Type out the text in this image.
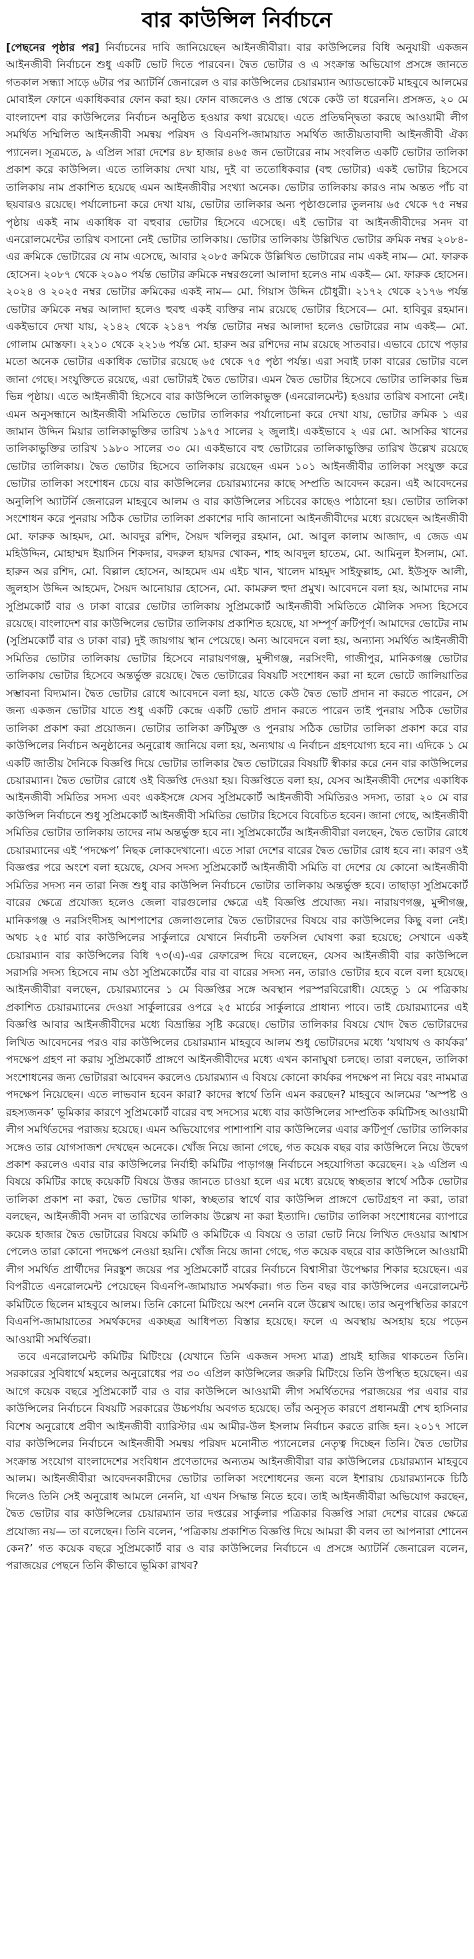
বার কাউন্সিল নির্বাচনে

[পেছনের পৃষ্ঠার পর] নির্বাচনের দাবি জানিয়েছেন আইনজীবীরা। বার কাউন্সিলের বিধি অনুযায়ী একজন আইনজীবী নির্বাচনে শুধু একটি ভোট দিতে পারবেন। দ্বৈত ভোটার ও এ সংক্রান্ত অভিযোগ প্রসঙ্গে জানতে গতকাল সন্ধ্যা সাড়ে ৬টার পর অ্যাটর্নি জেনারেল ও বার কাউন্সিলের চেয়ারম্যান অ্যাডভোকেট মাহবুবে আলমের মোবাইল ফোনে একাধিকবার ফোন করা হয়। ফোন বাজলেও ও প্রান্ত থেকে কেউ তা ধরেননি। প্রসঙ্গত, ২০ মে বাংলাদেশ বার কাউন্সিলের নির্বাচন অনুষ্ঠিত হওয়ার কথা রয়েছে। এতে প্রতিদ্বন্দ্বিতা করছে আওয়ামী লীগ সমর্থিত সম্মিলিত আইনজীবী সমন্বয় পরিষদ ও বিএনপি-জামায়াত সমর্থিত জাতীয়তাবাদী আইনজীবী ঐক্য প্যানেল। সূত্রমতে, ৯ এপ্রিল সারা দেশের ৪৮ হাজার ৪৬৫ জন ভোটারের নাম সংবলিত একটি ভোটার তালিকা প্রকাশ করে কাউন্সিল। এতে তালিকায় দেখা যায়, দুই বা ততোধিকবার (বহু ভোটার) একই ভোটার হিসেবে তালিকায় নাম প্রকাশিত হয়েছে এমন আইনজীবীর সংখ্যা অনেক। ভোটার তালিকায় কারও নাম অন্তত পাঁচ বা ছয়বারও রয়েছে। পর্যালোচনা করে দেখা যায়, ভোটার তালিকার অন্য পৃষ্ঠাগুলোর তুলনায় ৬৫ থেকে ৭৫ নম্বর পৃষ্ঠায় একই নাম একাধিক বা বহুবার ভোটার হিসেবে এসেছে। এই ভোটার বা আইনজীবীদের সনদ বা এনরোলমেন্টের তারিখ বসানো নেই ভোটার তালিকায়। ভোটার তালিকায় উল্লিখিত ভোটার ক্রমিক নম্বর ২০৮৪-এর ক্রমিকে ভোটারের যে নাম এসেছে, আবার ২০৮৫ ক্রমিকে উল্লিখিত ভোটারের নাম একই নাম— মো. ফারুক হোসেন। ২০৮৭ থেকে ২০৯০ পর্যন্ত ভোটার ক্রমিকে নম্বরগুলো আলাদা হলেও নাম একই— মো. ফারুক হোসেন। ২০২৪ ও ২০২৫ নম্বর ভোটার ক্রমিকের একই নাম— মো. গিয়াস উদ্দিন চৌধুরী। ২১৭২ থেকে ২১৭৬ পর্যন্ত ভোটার ক্রমিকে নম্বর আলাদা হলেও হুবহু একই ব্যক্তির নাম রয়েছে ভোটার হিসেবে— মো. হাবিবুর রহমান। একইভাবে দেখা যায়, ২১৪২ থেকে ২১৪৭ পর্যন্ত ভোটার নম্বর আলাদা হলেও ভোটারের নাম একই— মো. গোলাম মোস্তফা। ২২১০ থেকে ২২১৬ পর্যন্ত মো. হারুন অর রশিদের নাম রয়েছে সাতবার। এভাবে চোখে পড়ার মতো অনেক ভোটার একাধিক ভোটার রয়েছে ৬৫ থেকে ৭৫ পৃষ্ঠা পর্যন্ত। এরা সবাই ঢাকা বারের ভোটার বলে জানা গেছে। সংযুক্তিতে রয়েছে, এরা ভোটারই দ্বৈত ভোটার। এমন দ্বৈত ভোটার হিসেবে ভোটার তালিকার ভিন্ন ভিন্ন পৃষ্ঠায়। এতে আইনজীবী হিসেবে বার কাউন্সিলে তালিকাভুক্ত (এনরোলমেন্ট) হওয়ার তারিখ বসানো নেই। এমন অনুসন্ধানে আইনজীবী সমিতিতে ভোটার তালিকার পর্যালোচনা করে দেখা যায়, ভোটার ক্রমিক ১ এর জামান উদ্দিন মিয়ার তালিকাভুক্তির তারিখ ১৯৭৫ সালের ২ জুলাই। একইভাবে ২ এর মো. আসকির খানের তালিকাভুক্তির তারিখ ১৯৮০ সালের ৩০ মে। একইভাবে বহু ভোটারের তালিকাভুক্তির তারিখ উল্লেখ রয়েছে ভোটার তালিকায়। দ্বৈত ভোটার হিসেবে তালিকায় রয়েছেন এমন ১০১ আইনজীবীর তালিকা সংযুক্ত করে ভোটার তালিকা সংশোধন চেয়ে বার কাউন্সিলের চেয়ারম্যানের কাছে সম্প্রতি আবেদন করেন। এই আবেদনের অনুলিপি অ্যাটর্নি জেনারেল মাহবুবে আলম ও বার কাউন্সিলের সচিবের কাছেও পাঠানো হয়। ভোটার তালিকা সংশোধন করে পুনরায় সঠিক ভোটার তালিকা প্রকাশের দাবি জানানো আইনজীবীদের মধ্যে রয়েছেন আইনজীবী মো. ফারুক আহমদ, মো. আবদুর রশিদ, সৈয়দ খলিলুর রহমান, মো. আবুল কালাম আজাদ, এ জেড এম মহিউদ্দিন, মোহাম্মদ ইয়াসিন শিকদার, বদরুল হায়দর খোকন, শাহ আবদুল হাতেম, মো. আমিনুল ইসলাম, মো. হারুন অর রশিদ, মো. বিল্লাল হোসেন, আহমেদ এম এইচ খান, খালেদ মাহমুদ সাইফুল্লাহ, মো. ইউসুফ আলী, জুলহাস উদ্দিন আহমেদ, সৈয়দ আনোয়ার হোসেন, মো. কামরুল হুদা প্রমুখ। আবেদনে বলা হয়, আমাদের নাম সুপ্রিমকোর্ট বার ও ঢাকা বারের ভোটার তালিকায় সুপ্রিমকোর্ট আইনজীবী সমিতিতে মৌলিক সদস্য হিসেবে রয়েছে। বাংলাদেশ বার কাউন্সিলের ভোটার তালিকায় প্রকাশিত হয়েছে, যা সম্পূর্ণ ক্রটিপূর্ণ। আমাদের ভোটের নাম (সুপ্রিমকোর্ট বার ও ঢাকা বার) দুই জায়গায় স্থান পেয়েছে। অন্য আবেদনে বলা হয়, অন্যান্য সমর্থিত আইনজীবী সমিতির ভোটার তালিকায় ভোটার হিসেবে নারায়ণগঞ্জ, মুন্সীগঞ্জ, নরসিংদী, গাজীপুর, মানিকগঞ্জ ভোটার তালিকায় ভোটার হিসেবে অন্তর্ভুক্ত রয়েছে। দ্বৈত ভোটারের বিষয়টি সংশোধন করা না হলে ভোটে জালিয়াতির সম্ভাবনা বিদ্যমান। দ্বৈত ভোটার রোধে আবেদনে বলা হয়, যাতে কেউ দ্বৈত ভোট প্রদান না করতে পারেন, সে জন্য একজন ভোটার যাতে শুধু একটি কেন্দ্রে একটি ভোট প্রদান করতে পারেন তাই পুনরায় সঠিক ভোটার তালিকা প্রকাশ করা প্রয়োজন। ভোটার তালিকা ক্রটিমুক্ত ও পুনরায় সঠিক ভোটার তালিকা প্রকাশ করে বার কাউন্সিলের নির্বাচন অনুষ্ঠানের অনুরোধ জানিয়ে বলা হয়, অন্যথায় এ নির্বাচন গ্রহণযোগ্য হবে না। এদিকে ১ মে একটি জাতীয় দৈনিকে বিজ্ঞপ্তি দিয়ে ভোটার তালিকার দ্বৈত ভোটারের বিষয়টি স্বীকার করে নেন বার কাউন্সিলের চেয়ারম্যান। দ্বৈত ভোটার রোধে ওই বিজ্ঞপ্তি দেওয়া হয়। বিজ্ঞপ্তিতে বলা হয়, যেসব আইনজীবী দেশের একাধিক আইনজীবী সমিতির সদস্য এবং একইসঙ্গে যেসব সুপ্রিমকোর্ট আইনজীবী সমিতিরও সদস্য, তারা ২০ মে বার কাউন্সিল নির্বাচনে শুধু সুপ্রিমকোর্ট আইনজীবী সমিতির ভোটার হিসেবে বিবেচিত হবেন। জানা গেছে, আইনজীবী সমিতির ভোটার তালিকায় তাদের নাম অন্তর্ভুক্ত হবে না। সুপ্রিমকোর্টের আইনজীবীরা বলছেন, দ্বৈত ভোটার রোধে চেয়ারম্যানের এই ‘পদক্ষেপ’ নিছক লোকদেখানো। এতে সারা দেশের বারের দ্বৈত ভোটার রোধ হবে না। কারণ ওই বিজ্ঞপ্তর পরে অংশে বলা হয়েছে, যেসব সদস্য সুপ্রিমকোর্ট আইনজীবী সমিতি বা দেশের যে কোনো আইনজীবী সমিতির সদস্য নন তারা নিজ শুধু বার কাউন্সিল নির্বাচনে ভোটার তালিকায় অন্তর্ভুক্ত হবে। তাছাড়া সুপ্রিমকোর্ট বারের ক্ষেত্রে প্রযোজ্য হলেও জেলা বারগুলোর ক্ষেত্রে এই বিজ্ঞপ্তি প্রযোজ্য নয়। নারায়ণগঞ্জ, মুন্সীগঞ্জ, মানিকগঞ্জ ও নরসিংদীসহ আশপাশের জেলাগুলোর দ্বৈত ভোটারদের বিষয়ে বার কাউন্সিলের কিছু বলা নেই। অথচ ২৫ মার্চ বার কাউন্সিলের সার্কুলারে যেখানে নির্বাচনী তফসিল ঘোষণা করা হয়েছে; সেখানে একই চেয়ারম্যান বার কাউন্সিলের বিধি ৭৩(এ)-এর রেফারেন্স দিয়ে বলেছেন, যেসব আইনজীবী বার কাউন্সিলে সরাসরি সদস্য হিসেবে নাম ওঠা সুপ্রিমকোর্টের বার বা বারের সদস্য নন, তারাও ভোটার হবে বলে বলা হয়েছে। আইনজীবীরা বলছেন, চেয়ারম্যানের ১ মে বিজ্ঞপ্তির সঙ্গে অবস্থান পরস্পরবিরোধী। যেহেতু ১ মে পত্রিকায় প্রকাশিত চেয়ারম্যানের দেওয়া সার্কুলারের ওপরে ২৫ মার্চের সার্কুলারে প্রাধান্য পাবে। তাই চেয়ারম্যানের এই বিজ্ঞপ্তি আবার আইনজীবীদের মধ্যে বিভ্রান্তির সৃষ্টি করেছে। ভোটার তালিকার বিষয়ে খোদ দ্বৈত ভোটারদের লিখিত আবেদনের পরও বার কাউন্সিলের চেয়ারম্যান মাহবুবে আলম শুধু ভোটারদের মধ্যে ‘যথাযথ ও কার্যকর’ পদক্ষেপ গ্রহণ না করায় সুপ্রিমকোর্ট প্রাঙ্গণে আইনজীবীদের মধ্যে এখন কানাঘুষা চলছে। তারা বলছেন, তালিকা সংশোধনের জন্য ভোটাররা আবেদন করলেও চেয়ারম্যান এ বিষয়ে কোনো কার্যকর পদক্ষেপ না নিয়ে বরং নামমাত্র পদক্ষেপ নিয়েছেন। এতে লাভবান হবেন কারা? কাদের স্বার্থে তিনি এমন করছেন? মাহবুবে আলমের ‘অস্পষ্ট ও রহস্যজনক’ ভূমিকার কারণে সুপ্রিমকোর্ট বারের বহু সদস্যের মধ্যে বার কাউন্সিলের সাম্প্রতিক কমিটিসহ আওয়ামী লীগ সমর্থিতদের পরাজয় হয়েছে। এমন অভিযোগের পাশাপাশি বার কাউন্সিলের এবার ক্রটিপূর্ণ ভোটার তালিকার সঙ্গেও তার যোগসাজশ দেখছেন অনেকে। খোঁজ নিয়ে জানা গেছে, গত কয়েক বছর বার কাউন্সিলে নিয়ে উদ্বেগ প্রকাশ করলেও এবার বার কাউন্সিলের নির্বাহী কমিটির পাড়াগঞ্জ নির্বাচনে সহযোগিতা করেছেন। ২৯ এপ্রিল এ বিষয়ে কমিটির কাছে কয়েকটি বিষয়ে উত্তর জানতে চাওয়া হলে এর মধ্যে রয়েছে স্বচ্ছতার স্বার্থে সঠিক ভোটার তালিকা প্রকাশ না করা, দ্বৈত ভোটার থাকা, স্বচ্ছতার স্বার্থে বার কাউন্সিল প্রাঙ্গণে ভোটগ্রহণ না করা, তারা বলছেন, আইনজীবী সনদ বা তারিখের তালিকায় উল্লেখ না করা ইত্যাদি। ভোটার তালিকা সংশোধনের ব্যাপারে কয়েক হাজার দ্বৈত ভোটারের বিষয়ে কমিটি ও কমিটিকে এ বিষয়ে ও তারা ভোট নিয়ে লিখিত দেওয়ার আশ্বাস পেলেও তারা কোনো পদক্ষেপ নেওয়া হয়নি। খোঁজ নিয়ে জানা গেছে, গত কয়েক বছরে বার কাউন্সিলে আওয়ামী লীগ সমর্থিত প্রার্থীদের নিরঙ্কুশ জয়ের পর সুপ্রিমকোর্ট বারের নির্বাচনে বিশ্বাসীরা উপেক্ষার শিকার হয়েছেন। এর বিপরীতে এনরোলমেন্ট পেয়েছেন বিএনপি-জামায়াত সমর্থকরা। গত তিন বছর বার কাউন্সিলের এনরোলমেন্ট কমিটিতে ছিলেন মাহবুবে আলম। তিনি কোনো মিটিংয়ে অংশ নেননি বলে উল্লেখ আছে। তার অনুপস্থিতির কারণে বিএনপি-জামায়াতের সমর্থকদের একচ্ছত্র আধিপত্য বিস্তার হয়েছে। ফলে এ অবস্থায় অসহায় হয়ে পড়েন আওয়ামী সমর্থিতরা।

তবে এনরোলমেন্ট কমিটির মিটিংয়ে (যেখানে তিনি একজন সদস্য মাত্র) প্রায়ই হাজির থাকতেন তিনি। সরকারের সুবিধার্থে মহলের অনুরোধের পর ৩০ এপ্রিল কাউন্সিলের জরুরি মিটিংয়ে তিনি উপস্থিত হয়েছেন। এর আগে কয়েক বছরে সুপ্রিমকোর্ট বার ও বার কাউন্সিলে আওয়ামী লীগ সমর্থিতদের পরাজয়ের পর এবার বার কাউন্সিলের নির্বাচনে বিষয়টি সরকারের উচ্চপর্যায় অবগত হয়েছে। তাঁর অনুসৃত কারণে প্রধানমন্ত্রী শেখ হাসিনার বিশেষ অনুরোধে প্রবীণ আইনজীবী ব্যারিস্টার এম আমীর-উল ইসলাম নির্বাচন করতে রাজি হন। ২০১৭ সালে বার কাউন্সিলের নির্বাচনে আইনজীবী সমন্বয় পরিষদ মনোনীত প্যানেলের নেতৃত্ব দিচ্ছেন তিনি। দ্বৈত ভোটার সংক্রান্ত সংযোগ বাংলাদেশের সংবিধান প্রণেতাদের অন্যতম আইনজীবীরা বার কাউন্সিলের চেয়ারম্যান মাহবুবে আলম। আইনজীবীরা আবেদনকারীদের ভোটার তালিকা সংশোধনের জন্য বলে ইশারায় চেয়ারম্যানকে চিঠি দিলেও তিনি সেই অনুরোধ আমলে নেননি, যা এখন সিদ্ধান্ত নিতে হবে। তাই আইনজীবীরা অভিযোগ করছেন, দ্বৈত ভোটার বার কাউন্সিলের চেয়ারম্যান তার দপ্তরের সার্কুলার পত্রিকার বিজ্ঞপ্তি সারা দেশের বারের ক্ষেত্রে প্রযোজ্য নয়— তা বলেছেন। তিনি বলেন, ‘পত্রিকায় প্রকাশিত বিজ্ঞপ্তি দিয়ে আমরা কী বলব তা আপনারা শোনেন কেন?’ গত কয়েক বছরে সুপ্রিমকোর্ট বার ও বার কাউন্সিলের নির্বাচনে এ প্রসঙ্গে অ্যাটর্নি জেনারেল বলেন, পরাজয়ের পেছনে তিনি কীভাবে ভূমিকা রাখব?
